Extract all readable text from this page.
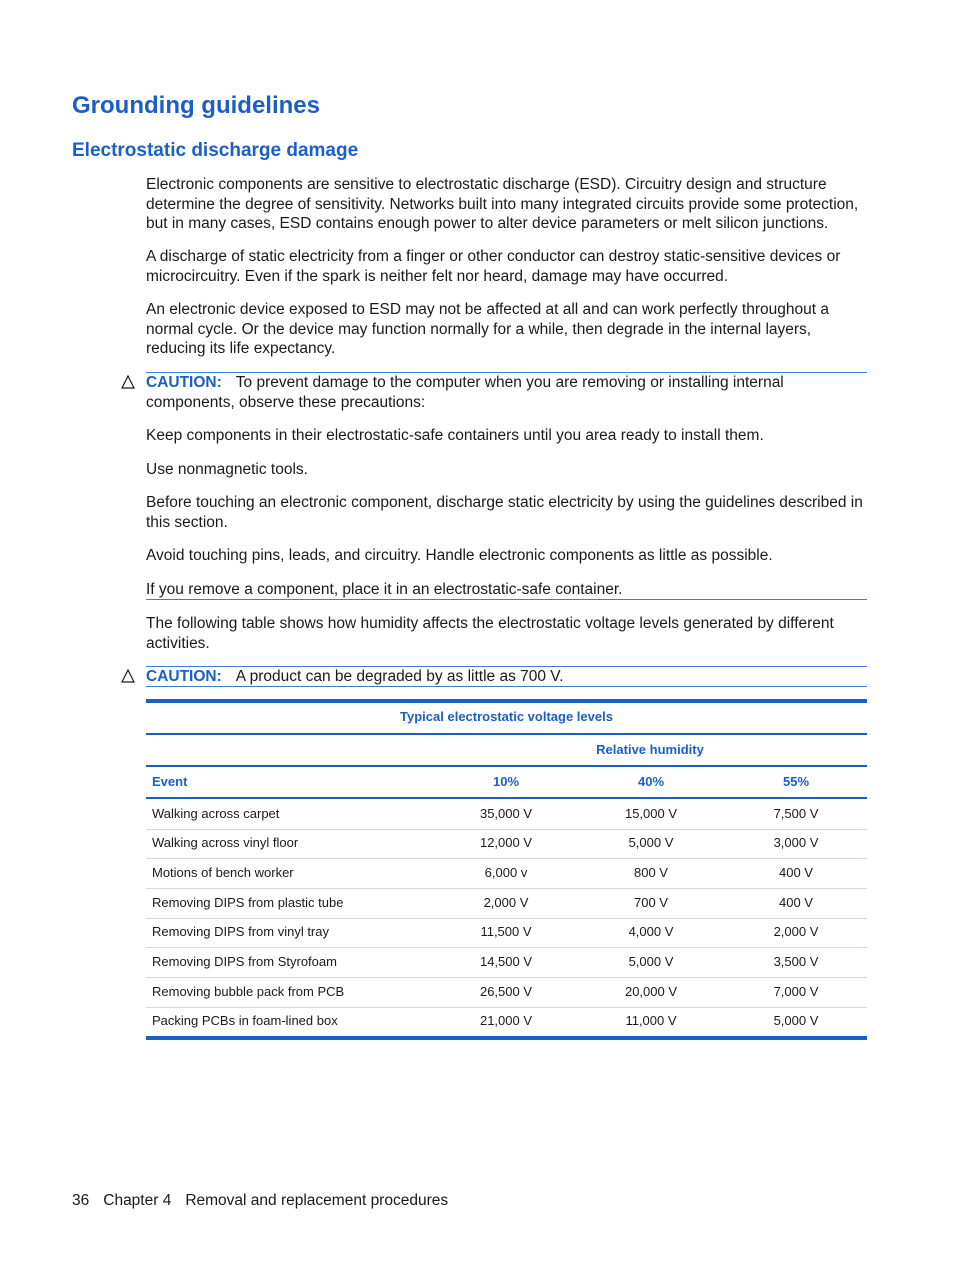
Grounding guidelines
Electrostatic discharge damage

Electronic components are sensitive to electrostatic discharge (ESD). Circuitry design and structure determine the degree of sensitivity. Networks built into many integrated circuits provide some protection, but in many cases, ESD contains enough power to alter device parameters or melt silicon junctions.

A discharge of static electricity from a finger or other conductor can destroy static-sensitive devices or microcircuitry. Even if the spark is neither felt nor heard, damage may have occurred.

An electronic device exposed to ESD may not be affected at all and can work perfectly throughout a normal cycle. Or the device may function normally for a while, then degrade in the internal layers, reducing its life expectancy.

CAUTION: To prevent damage to the computer when you are removing or installing internal components, observe these precautions:

Keep components in their electrostatic-safe containers until you area ready to install them.

Use nonmagnetic tools.

Before touching an electronic component, discharge static electricity by using the guidelines described in this section.

Avoid touching pins, leads, and circuitry. Handle electronic components as little as possible.

If you remove a component, place it in an electrostatic-safe container.

The following table shows how humidity affects the electrostatic voltage levels generated by different activities.

CAUTION: A product can be degraded by as little as 700 V.

Typical electrostatic voltage levels

Relative humidity

Event	10%	40%	55%

Walking across carpet	35,000 V	15,000 V	7,500 V

Walking across vinyl floor	12,000 V	5,000 V	3,000 V

Motions of bench worker	6,000 v	800 V	400 V

Removing DIPS from plastic tube	2,000 V	700 V	400 V

Removing DIPS from vinyl tray	11,500 V	4,000 V	2,000 V

Removing DIPS from Styrofoam	14,500 V	5,000 V	3,500 V

Removing bubble pack from PCB	26,500 V	20,000 V	7,000 V

Packing PCBs in foam-lined box	21,000 V	11,000 V	5,000 V

36 Chapter 4 Removal and replacement procedures
